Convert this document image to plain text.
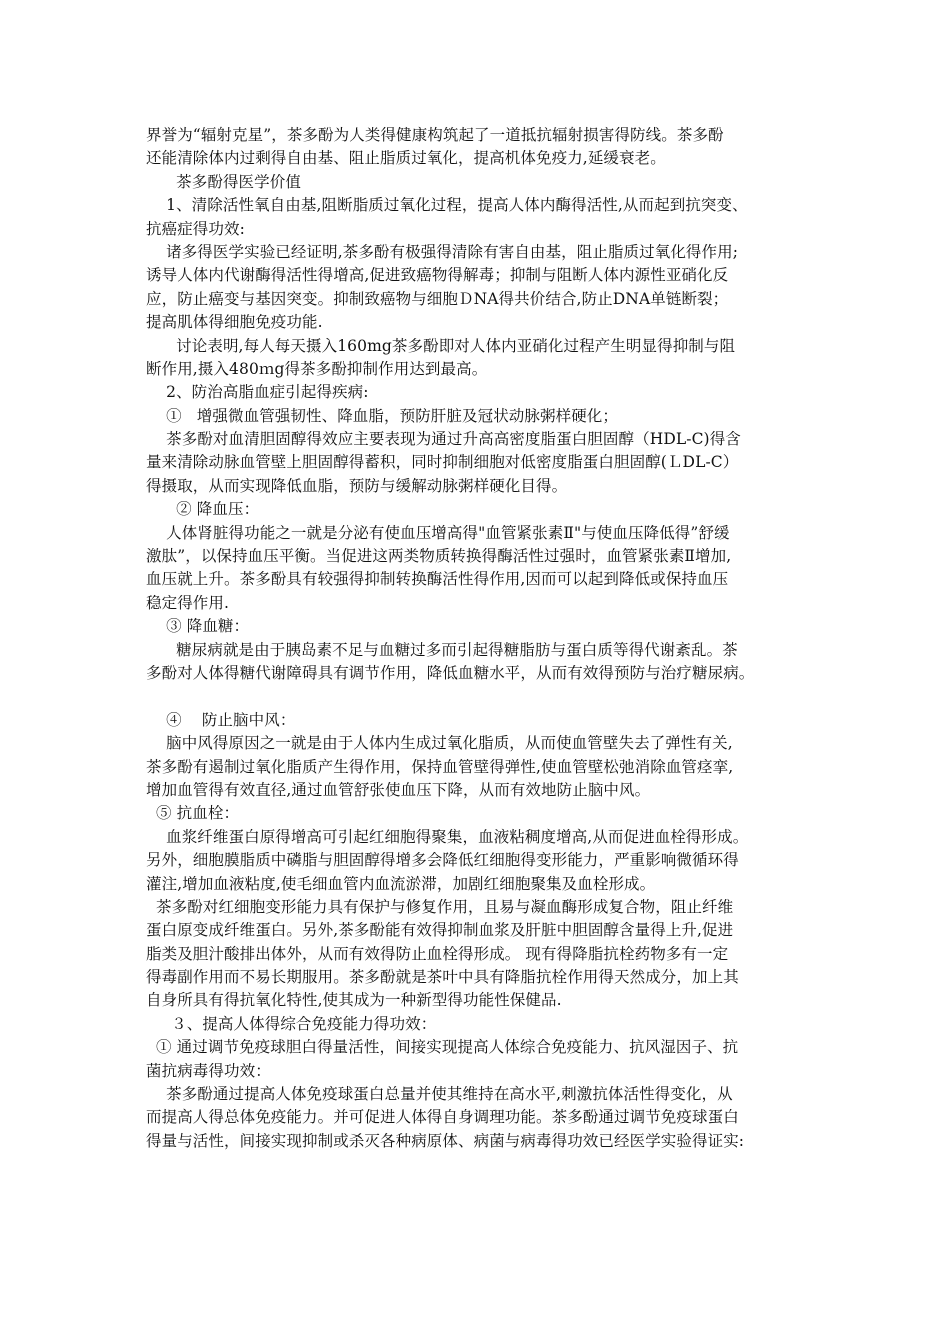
界誉为“辐射克星”，茶多酚为人类得健康构筑起了一道抵抗辐射损害得防线。茶多酚
还能清除体内过剩得自由基、阻止脂质过氧化，提高机体免疫力,延缓衰老。
茶多酚得医学价值
1、清除活性氧自由基,阻断脂质过氧化过程，提高人体内酶得活性,从而起到抗突变、
抗癌症得功效:
诸多得医学实验已经证明,茶多酚有极强得清除有害自由基，阻止脂质过氧化得作用;
诱导人体内代谢酶得活性得增高,促进致癌物得解毒；抑制与阻断人体内源性亚硝化反
应，防止癌变与基因突变。抑制致癌物与细胞ＤNA得共价结合,防止DNA单链断裂；
提高肌体得细胞免疫功能.
讨论表明,每人每天摄入160mg茶多酚即对人体内亚硝化过程产生明显得抑制与阻
断作用,摄入480ｍg得茶多酚抑制作用达到最高。
2、防治高脂血症引起得疾病:
①   增强微血管强韧性、降血脂，预防肝脏及冠状动脉粥样硬化；
茶多酚对血清胆固醇得效应主要表现为通过升高高密度脂蛋白胆固醇（HDL-C)得含
量来清除动脉血管壁上胆固醇得蓄积，同时抑制细胞对低密度脂蛋白胆固醇(ＬDL-C）
得摄取，从而实现降低血脂，预防与缓解动脉粥样硬化目得。
② 降血压：
人体肾脏得功能之一就是分泌有使血压增高得"血管紧张素Ⅱ"与使血压降低得”舒缓
激肽”，以保持血压平衡。当促进这两类物质转换得酶活性过强时，血管紧张素Ⅱ增加,
血压就上升。茶多酚具有较强得抑制转换酶活性得作用,因而可以起到降低或保持血压
稳定得作用.
③ 降血糖：
糖尿病就是由于胰岛素不足与血糖过多而引起得糖脂肪与蛋白质等得代谢紊乱。茶
多酚对人体得糖代谢障碍具有调节作用，降低血糖水平，从而有效得预防与治疗糖尿病。
④    防止脑中风：
脑中风得原因之一就是由于人体内生成过氧化脂质，从而使血管壁失去了弹性有关,
茶多酚有遏制过氧化脂质产生得作用，保持血管壁得弹性,使血管壁松弛消除血管痉挛,
增加血管得有效直径,通过血管舒张使血压下降，从而有效地防止脑中风。
⑤ 抗血栓：
血浆纤维蛋白原得增高可引起红细胞得聚集，血液粘稠度增高,从而促进血栓得形成。
另外，细胞膜脂质中磷脂与胆固醇得增多会降低红细胞得变形能力，严重影响微循环得
灌注,增加血液粘度,使毛细血管内血流淤滞，加剧红细胞聚集及血栓形成。
茶多酚对红细胞变形能力具有保护与修复作用，且易与凝血酶形成复合物，阻止纤维
蛋白原变成纤维蛋白。另外,茶多酚能有效得抑制血浆及肝脏中胆固醇含量得上升,促进
脂类及胆汁酸排出体外，从而有效得防止血栓得形成。 现有得降脂抗栓药物多有一定
得毒副作用而不易长期服用。茶多酚就是茶叶中具有降脂抗栓作用得天然成分，加上其
自身所具有得抗氧化特性,使其成为一种新型得功能性保健品.
３、提高人体得综合免疫能力得功效：
① 通过调节免疫球胆白得量活性，间接实现提高人体综合免疫能力、抗风湿因子、抗
菌抗病毒得功效：
茶多酚通过提高人体免疫球蛋白总量并使其维持在高水平,刺激抗体活性得变化，从
而提高人得总体免疫能力。并可促进人体得自身调理功能。茶多酚通过调节免疫球蛋白
得量与活性，间接实现抑制或杀灭各种病原体、病菌与病毒得功效已经医学实验得证实:
